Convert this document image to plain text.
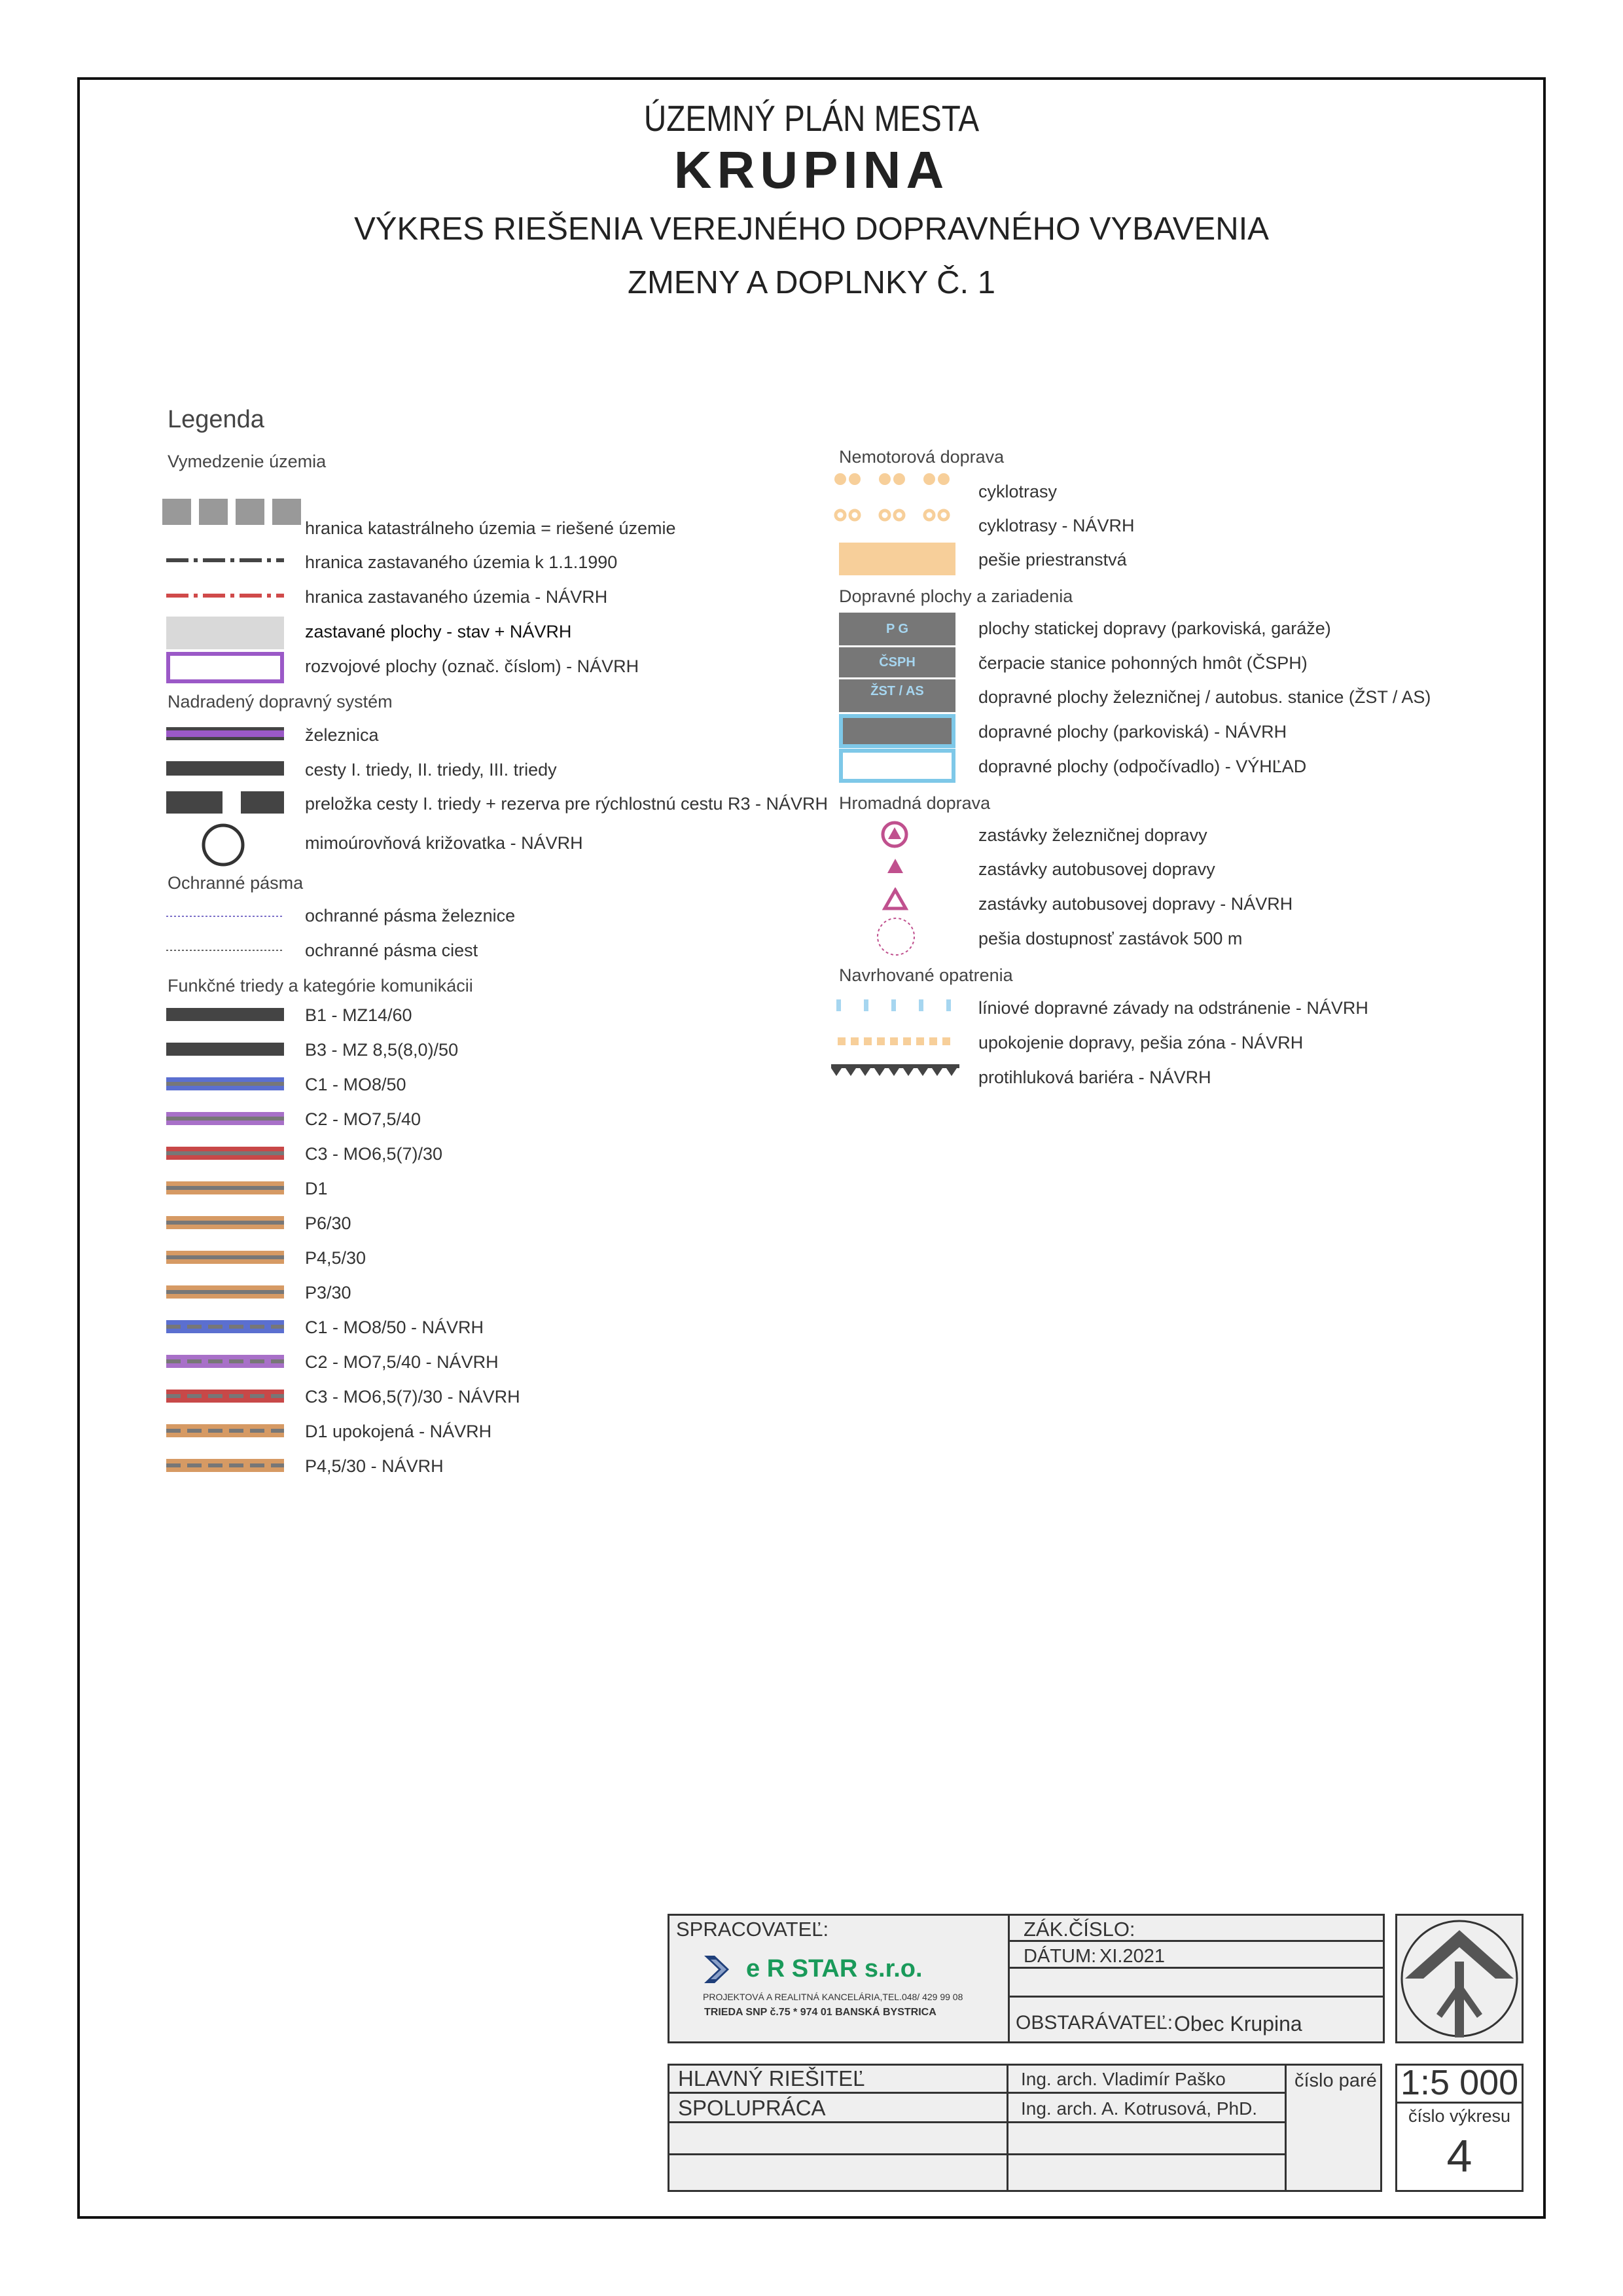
ÚZEMNÝ PLÁN MESTA
KRUPINA
VÝKRES RIEŠENIA VEREJNÉHO DOPRAVNÉHO VYBAVENIA
ZMENY A DOPLNKY Č. 1
Legenda
Vymedzenie územia
hranica katastrálneho územia = riešené územie
hranica zastavaného územia k 1.1.1990
hranica zastavaného územia - NÁVRH
zastavané plochy - stav + NÁVRH
rozvojové plochy (označ. číslom) - NÁVRH
Nadradený dopravný systém
železnica
cesty I. triedy, II. triedy, III. triedy
preložka cesty I. triedy + rezerva pre rýchlostnú cestu R3 - NÁVRH
mimoúrovňová križovatka - NÁVRH
Ochranné pásma
ochranné pásma železnice
ochranné pásma ciest
Funkčné triedy a kategórie komunikácii
B1 - MZ14/60
B3 - MZ 8,5(8,0)/50
C1 - MO8/50
C2 - MO7,5/40
C3 - MO6,5(7)/30
D1
P6/30
P4,5/30
P3/30
C1 - MO8/50 - NÁVRH
C2 - MO7,5/40 - NÁVRH
C3 - MO6,5(7)/30 - NÁVRH
D1 upokojená - NÁVRH
P4,5/30 - NÁVRH
Nemotorová doprava
cyklotrasy
cyklotrasy - NÁVRH
pešie priestranstvá
Dopravné plochy a zariadenia
P G	plochy statickej dopravy (parkoviská, garáže)
ČSPH	čerpacie stanice pohonných hmôt (ČSPH)
ŽST / AS	dopravné plochy železničnej / autobus. stanice (ŽST / AS)
dopravné plochy (parkoviská) - NÁVRH
dopravné plochy (odpočívadlo) - VÝHĽAD
Hromadná doprava
zastávky železničnej dopravy
zastávky autobusovej dopravy
zastávky autobusovej dopravy - NÁVRH
pešia dostupnosť zastávok 500 m
Navrhované opatrenia
líniové dopravné závady na odstránenie - NÁVRH
upokojenie dopravy, pešia zóna - NÁVRH
protihluková bariéra - NÁVRH
SPRACOVATEĽ:
e R STAR s.r.o.
PROJEKTOVÁ A REALITNÁ KANCELÁRIA,TEL.048/ 429 99 08
TRIEDA SNP č.75 * 974 01 BANSKÁ BYSTRICA
ZÁK.ČÍSLO:
DÁTUM: XI.2021
OBSTARÁVATEĽ: Obec Krupina
HLAVNÝ RIEŠITEĽ	Ing. arch. Vladimír Paško
SPOLUPRÁCA	Ing. arch. A. Kotrusová, PhD.
číslo paré 1:5 000
číslo výkresu
4
